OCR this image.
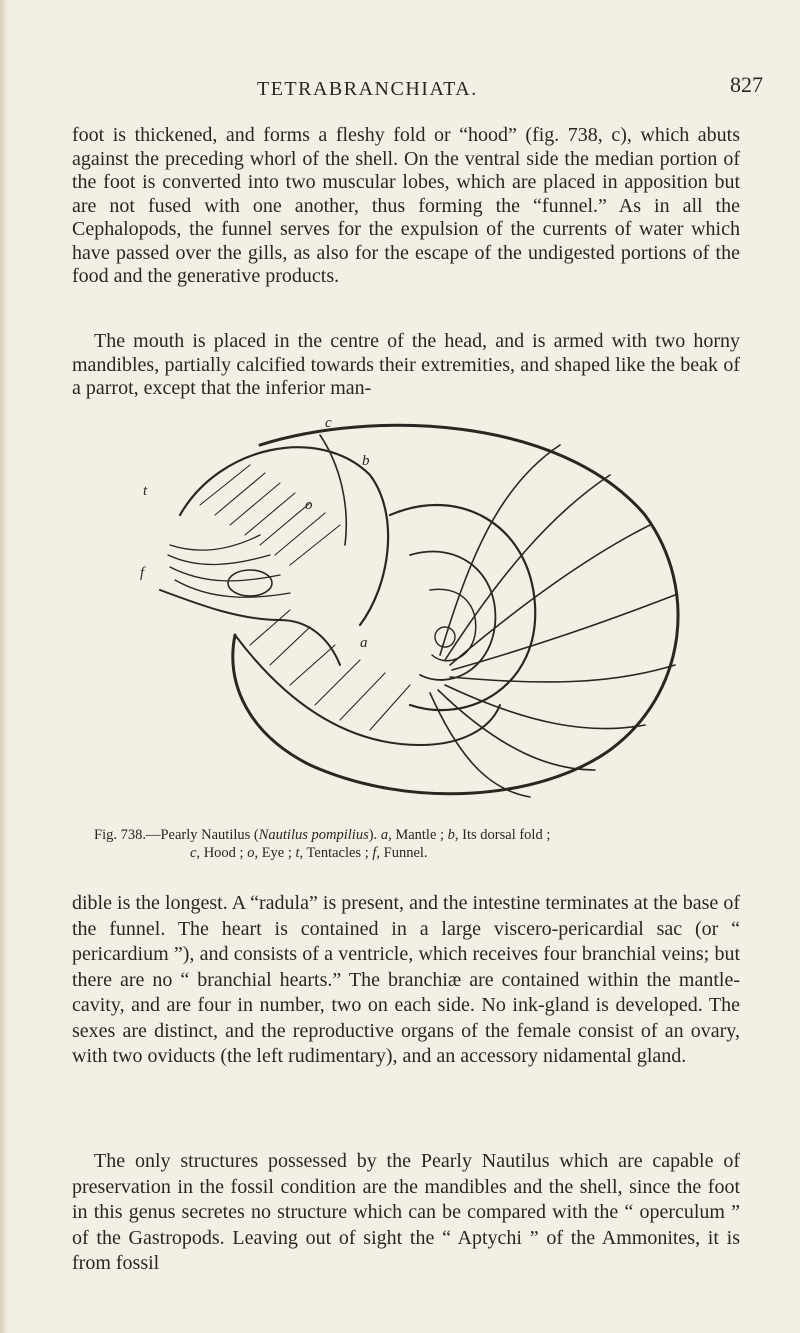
TETRABRANCHIATA.	827

foot is thickened, and forms a fleshy fold or “hood” (fig. 738, c), which abuts against the preceding whorl of the shell. On the ventral side the median portion of the foot is converted into two muscular lobes, which are placed in apposition but are not fused with one another, thus forming the “funnel.” As in all the Cephalopods, the funnel serves for the expulsion of the currents of water which have passed over the gills, as also for the escape of the undigested portions of the food and the generative products.

The mouth is placed in the centre of the head, and is armed with two horny mandibles, partially calcified towards their extremities, and shaped like the beak of a parrot, except that the inferior man-

c
b
t
o
f
a

Fig. 738.—Pearly Nautilus (Nautilus pompilius). a, Mantle ; b, Its dorsal fold ;
c, Hood ; o, Eye ; t, Tentacles ; f, Funnel.

dible is the longest. A “radula” is present, and the intestine terminates at the base of the funnel. The heart is contained in a large viscero-pericardial sac (or “ pericardium ”), and consists of a ventricle, which receives four branchial veins; but there are no “ branchial hearts.” The branchiæ are contained within the mantle-cavity, and are four in number, two on each side. No ink-gland is developed. The sexes are distinct, and the reproductive organs of the female consist of an ovary, with two oviducts (the left rudimentary), and an accessory nidamental gland.

The only structures possessed by the Pearly Nautilus which are capable of preservation in the fossil condition are the mandibles and the shell, since the foot in this genus secretes no structure which can be compared with the “ operculum ” of the Gastropods. Leaving out of sight the “ Aptychi ” of the Ammonites, it is from fossil
